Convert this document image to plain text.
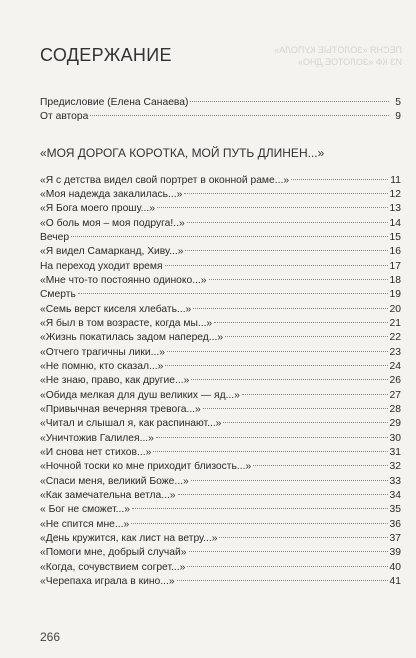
ПЕСНЯ «ЗОЛОТЫЕ КУПОЛА»
ИЗ КФ «ЗОЛОТОЕ ДНО»
СОДЕРЖАНИЕ
Предисловие (Елена Санаева)	5
От автора	9
«МОЯ ДОРОГА КОРОТКА, МОЙ ПУТЬ ДЛИНЕН...»
«Я с детства видел свой портрет в оконной раме...»	11
«Моя надежда закалилась...»	12
«Я Бога моего прошу...»	13
«О боль моя – моя подруга!..»	14
Вечер	15
«Я видел Самарканд, Хиву...»	16
На переход уходит время	17
«Мне что-то постоянно одиноко...»	18
Смерть	19
«Семь верст киселя хлебать...»	20
«Я был в том возрасте, когда мы...»	21
«Жизнь покатилась задом наперед...»	22
«Отчего трагичны лики...»	23
«Не помню, кто сказал...»	24
«Не знаю, право, как другие...»	26
«Обида мелкая для душ великих — яд...»	27
«Привычная вечерняя тревога...»	28
«Читал и слышал я, как распинают...»	29
«Уничтожив Галилея...»	30
«И снова нет стихов...»	31
«Ночной тоски ко мне приходит близость...»	32
«Спаси меня, великий Боже...»	33
«Как замечательна ветла...»	34
« Бог не сможет...»	35
«Не спится мне...»	36
«День кружится, как лист на ветру...»	37
«Помоги мне, добрый случай»	39
«Когда, сочувствием согрет...»	40
«Черепаха играла в кино...»	41
266
